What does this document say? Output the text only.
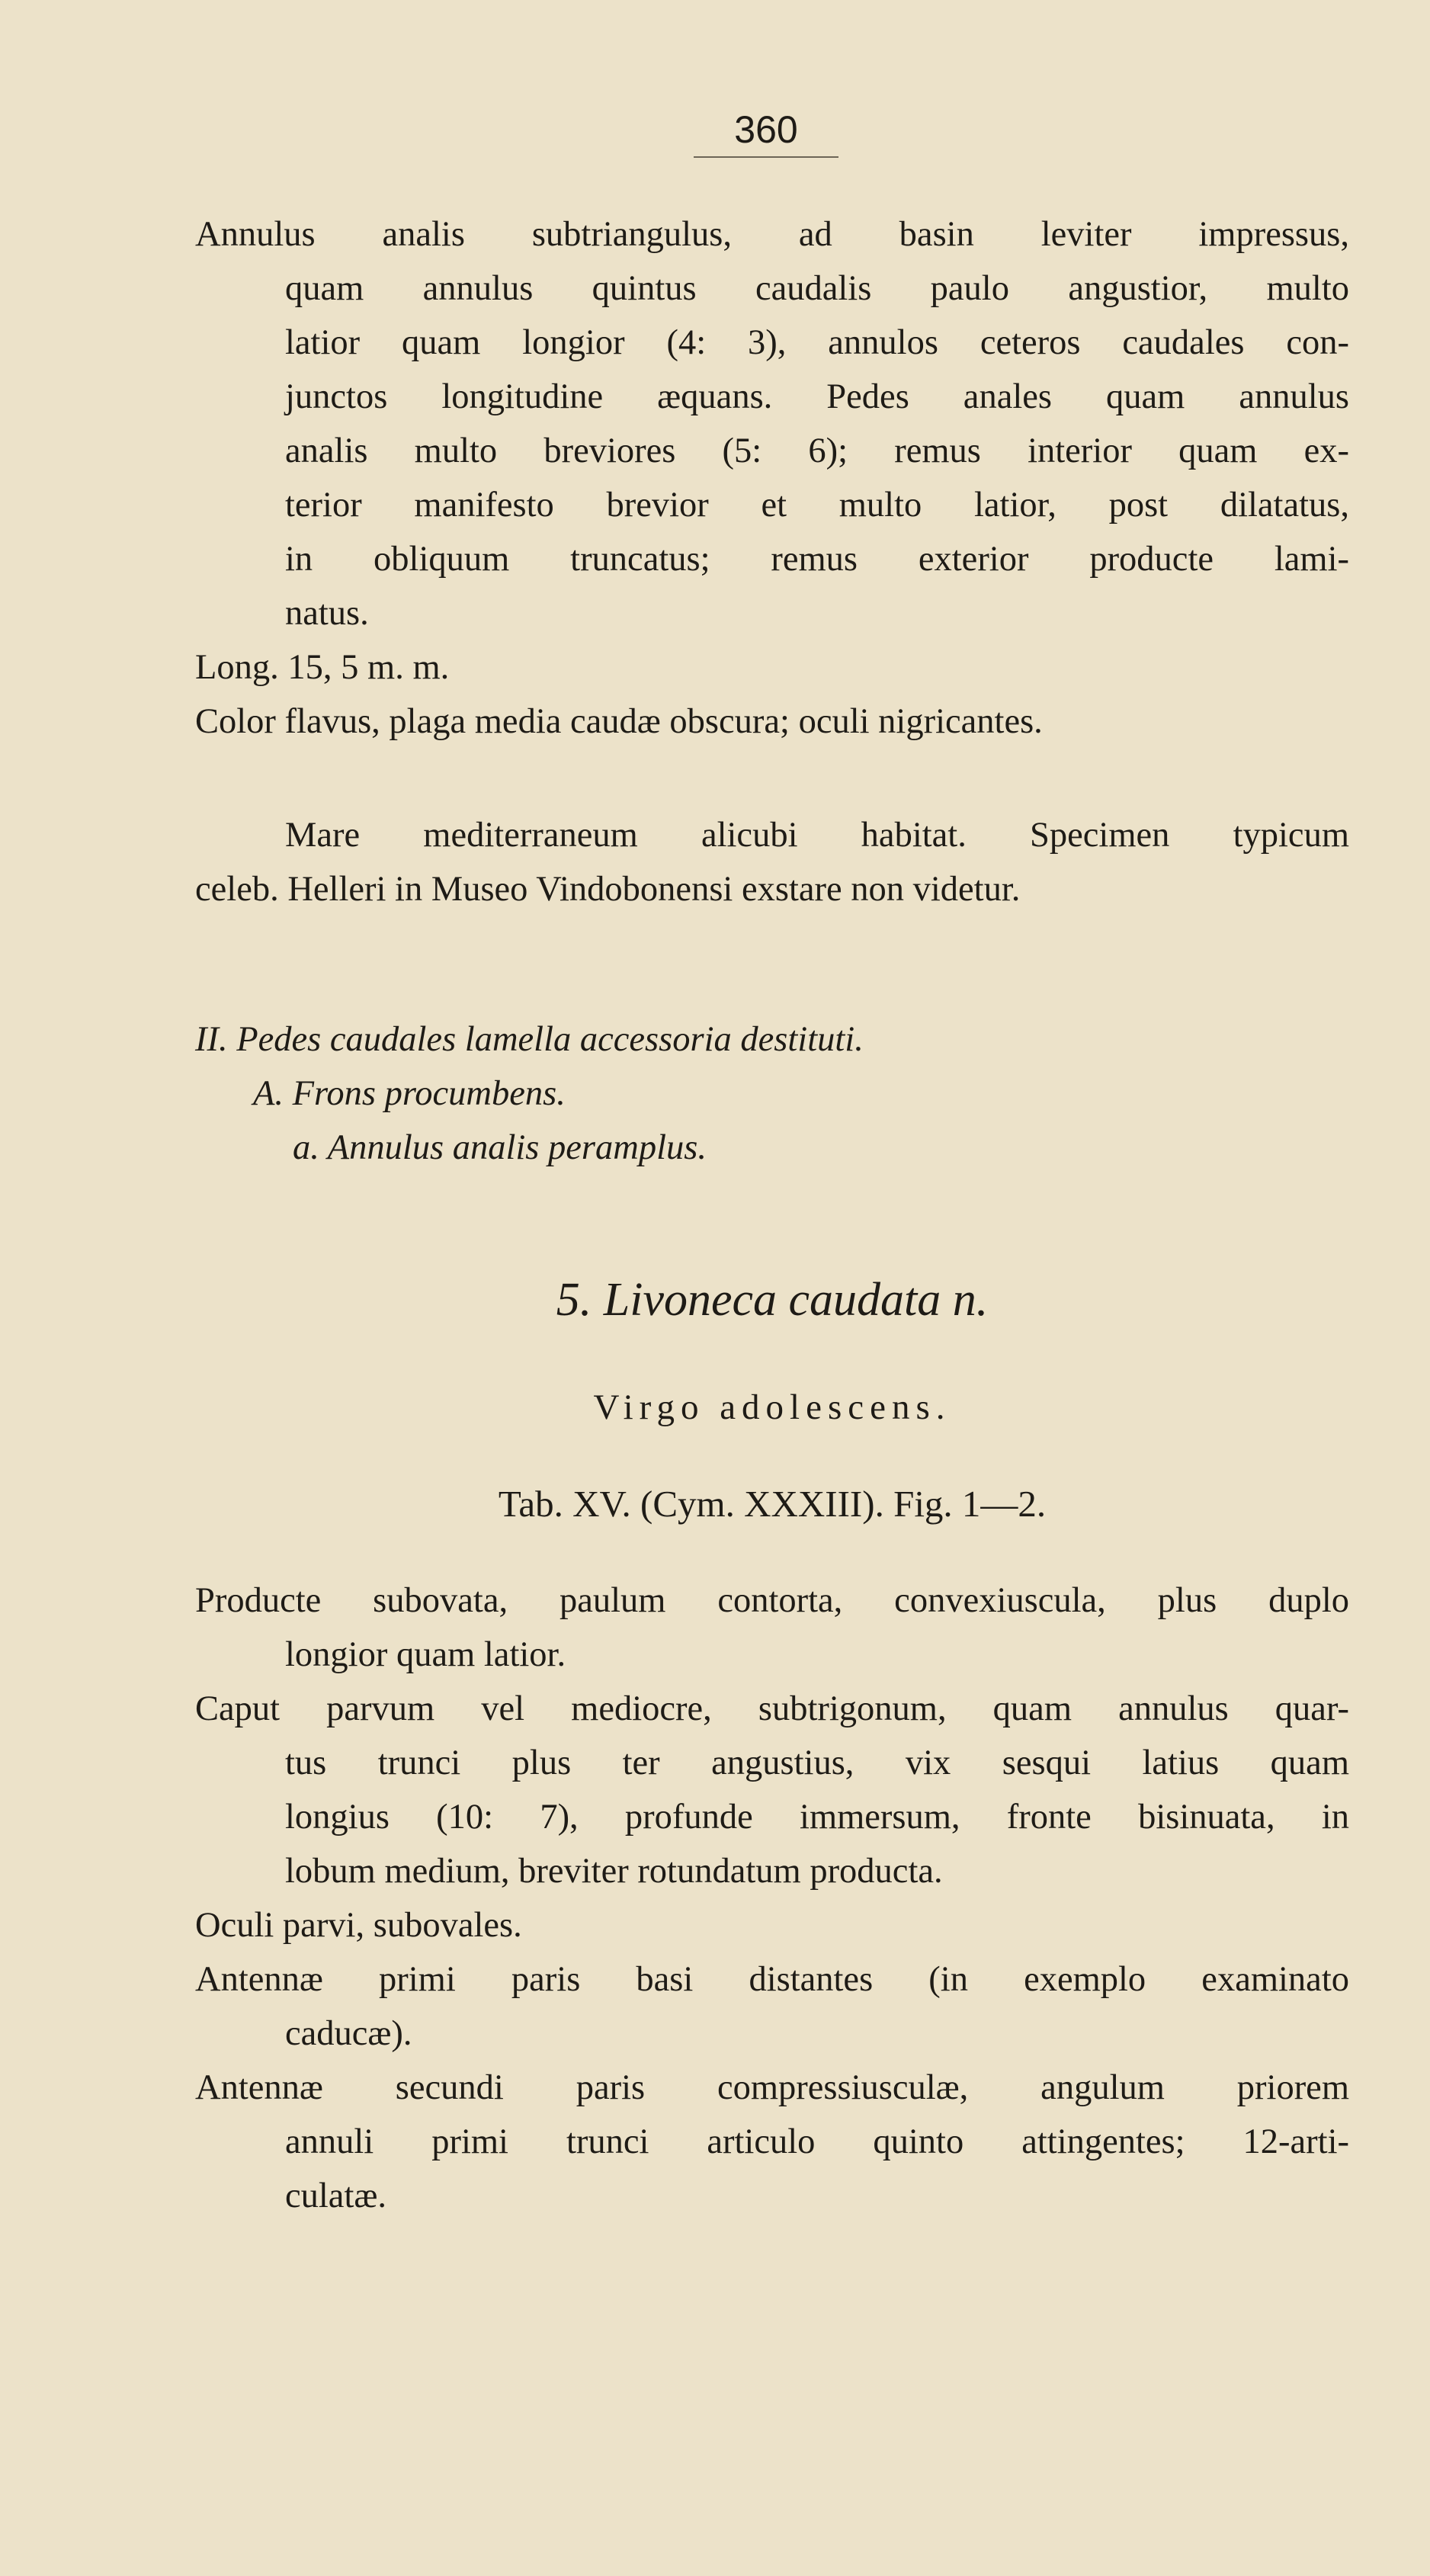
360
Annulus analis subtriangulus, ad basin leviter impressus,
quam annulus quintus caudalis paulo angustior, multo
latior quam longior (4: 3), annulos ceteros caudales con-
junctos longitudine æquans. Pedes anales quam annulus
analis multo breviores (5: 6); remus interior quam ex-
terior manifesto brevior et multo latior, post dilatatus,
in obliquum truncatus; remus exterior producte lami-
natus.
Long. 15, 5 m. m.
Color flavus, plaga media caudæ obscura; oculi nigricantes.
Mare mediterraneum alicubi habitat. Specimen typicum
celeb. Helleri in Museo Vindobonensi exstare non videtur.
II. Pedes caudales lamella accessoria destituti.
A. Frons procumbens.
a. Annulus analis peramplus.
5. Livoneca caudata n.
Virgo adolescens.
Tab. XV. (Cym. XXXIII). Fig. 1—2.
Producte subovata, paulum contorta, convexiuscula, plus duplo
longior quam latior.
Caput parvum vel mediocre, subtrigonum, quam annulus quar-
tus trunci plus ter angustius, vix sesqui latius quam
longius (10: 7), profunde immersum, fronte bisinuata, in
lobum medium, breviter rotundatum producta.
Oculi parvi, subovales.
Antennæ primi paris basi distantes (in exemplo examinato
caducæ).
Antennæ secundi paris compressiusculæ, angulum priorem
annuli primi trunci articulo quinto attingentes; 12-arti-
culatæ.
